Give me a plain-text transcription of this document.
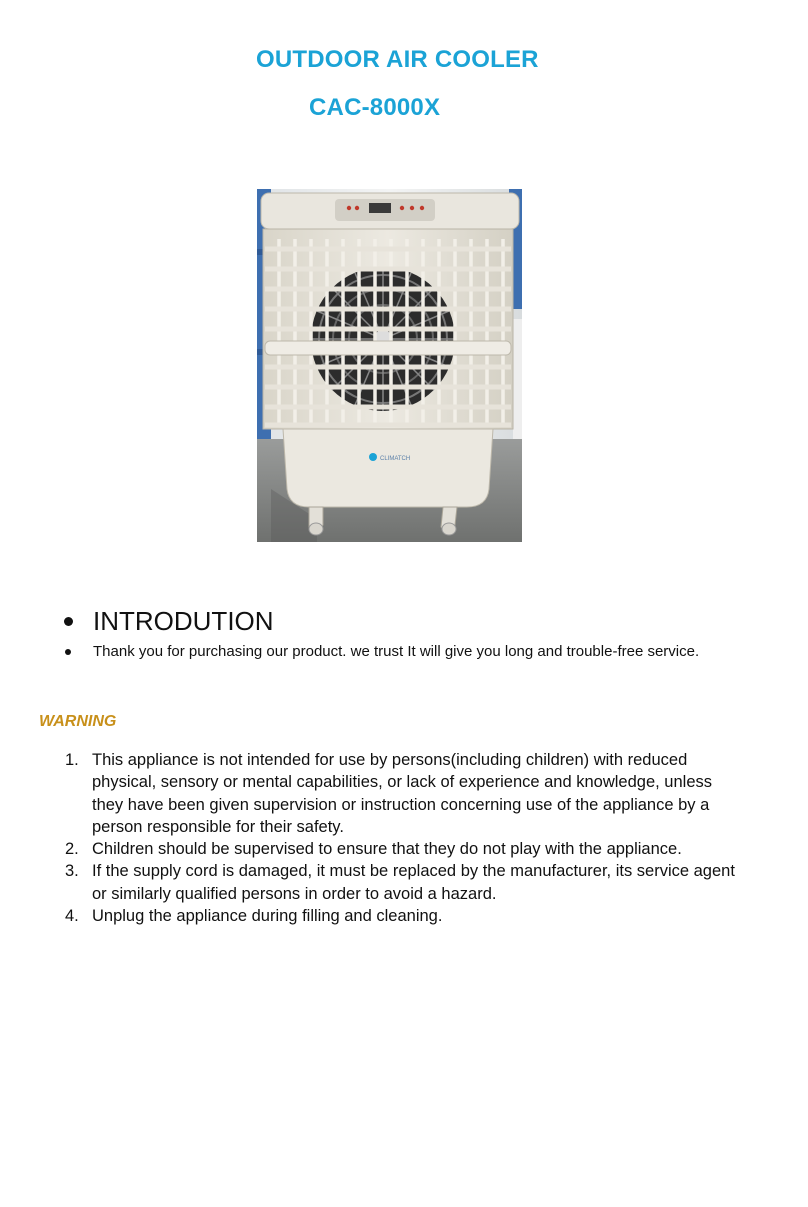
OUTDOOR AIR COOLER
CAC-8000X
CLIMATCH
INTRODUTION
Thank you for purchasing our product. we trust It will give you long and trouble-free service.
WARNING
1. This appliance is not intended for use by persons(including children) with reduced physical, sensory or mental capabilities, or lack of experience and knowledge, unless they have been given supervision or instruction concerning use of the appliance by a person responsible for their safety.
2. Children should be supervised to ensure that they do not play with the appliance.
3. If the supply cord is damaged, it must be replaced by the manufacturer, its service agent or similarly qualified persons in order to avoid a hazard.
4. Unplug the appliance during filling and cleaning.
